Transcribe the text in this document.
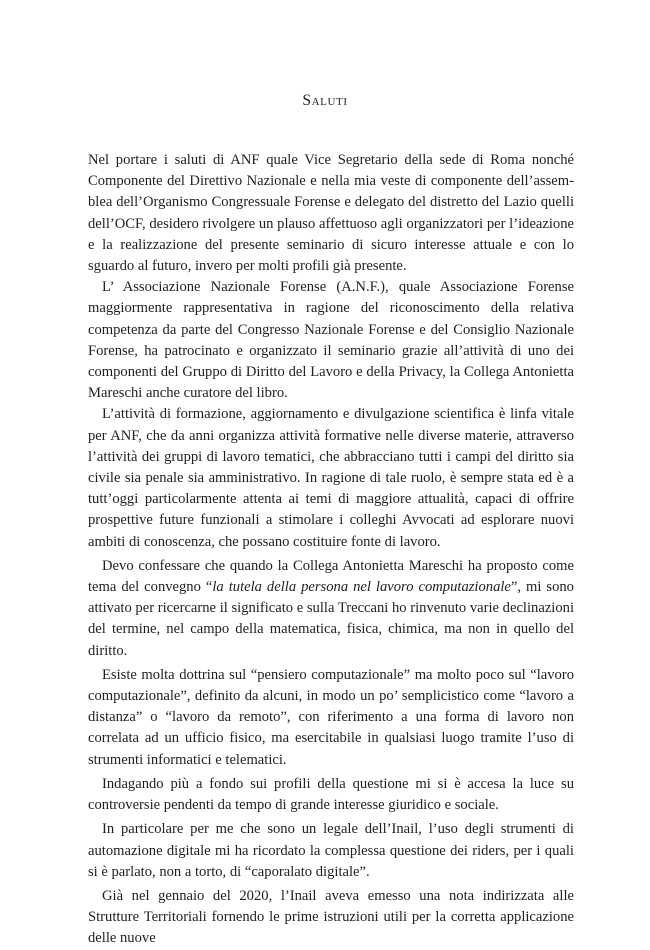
Saluti

Nel portare i saluti di ANF quale Vice Segretario della sede di Roma nonché Componente del Direttivo Nazionale e nella mia veste di componente dell’assemblea dell’Organismo Congressuale Forense e delegato del distretto del Lazio quelli dell’OCF, desidero rivolgere un plauso affettuoso agli organizzatori per l’ideazione e la realizzazione del presente seminario di sicuro interesse attuale e con lo sguardo al futuro, invero per molti profili già presente.

L’ Associazione Nazionale Forense (A.N.F.), quale Associazione Forense maggiormente rappresentativa in ragione del riconoscimento della relativa competenza da parte del Congresso Nazionale Forense e del Consiglio Nazionale Forense, ha patrocinato e organizzato il seminario grazie all’attività di uno dei componenti del Gruppo di Diritto del Lavoro e della Privacy, la Collega Antonietta Mareschi anche curatore del libro.

L’attività di formazione, aggiornamento e divulgazione scientifica è linfa vitale per ANF, che da anni organizza attività formative nelle diverse materie, attraverso l’attività dei gruppi di lavoro tematici, che abbracciano tutti i campi del diritto sia civile sia penale sia amministrativo. In ragione di tale ruolo, è sempre stata ed è a tutt’oggi particolarmente attenta ai temi di maggiore attualità, capaci di offrire prospettive future funzionali a stimolare i colleghi Avvocati ad esplorare nuovi ambiti di conoscenza, che possano costituire fonte di lavoro.

Devo confessare che quando la Collega Antonietta Mareschi ha proposto come tema del convegno “la tutela della persona nel lavoro computazionale”, mi sono attivato per ricercarne il significato e sulla Treccani ho rinvenuto varie declinazioni del termine, nel campo della matematica, fisica, chimica, ma non in quello del diritto.

Esiste molta dottrina sul “pensiero computazionale” ma molto poco sul “lavoro computazionale”, definito da alcuni, in modo un po’ semplicistico come “lavoro a distanza” o “lavoro da remoto”, con riferimento a una forma di lavoro non correlata ad un ufficio fisico, ma esercitabile in qualsiasi luogo tramite l’uso di strumenti informatici e telematici.

Indagando più a fondo sui profili della questione mi si è accesa la luce su controversie pendenti da tempo di grande interesse giuridico e sociale.

In particolare per me che sono un legale dell’Inail, l’uso degli strumenti di automazione digitale mi ha ricordato la complessa questione dei riders, per i quali si è parlato, non a torto, di “caporalato digitale”.

Già nel gennaio del 2020, l’Inail aveva emesso una nota indirizzata alle Strutture Territoriali fornendo le prime istruzioni utili per la corretta applicazione delle nuove
